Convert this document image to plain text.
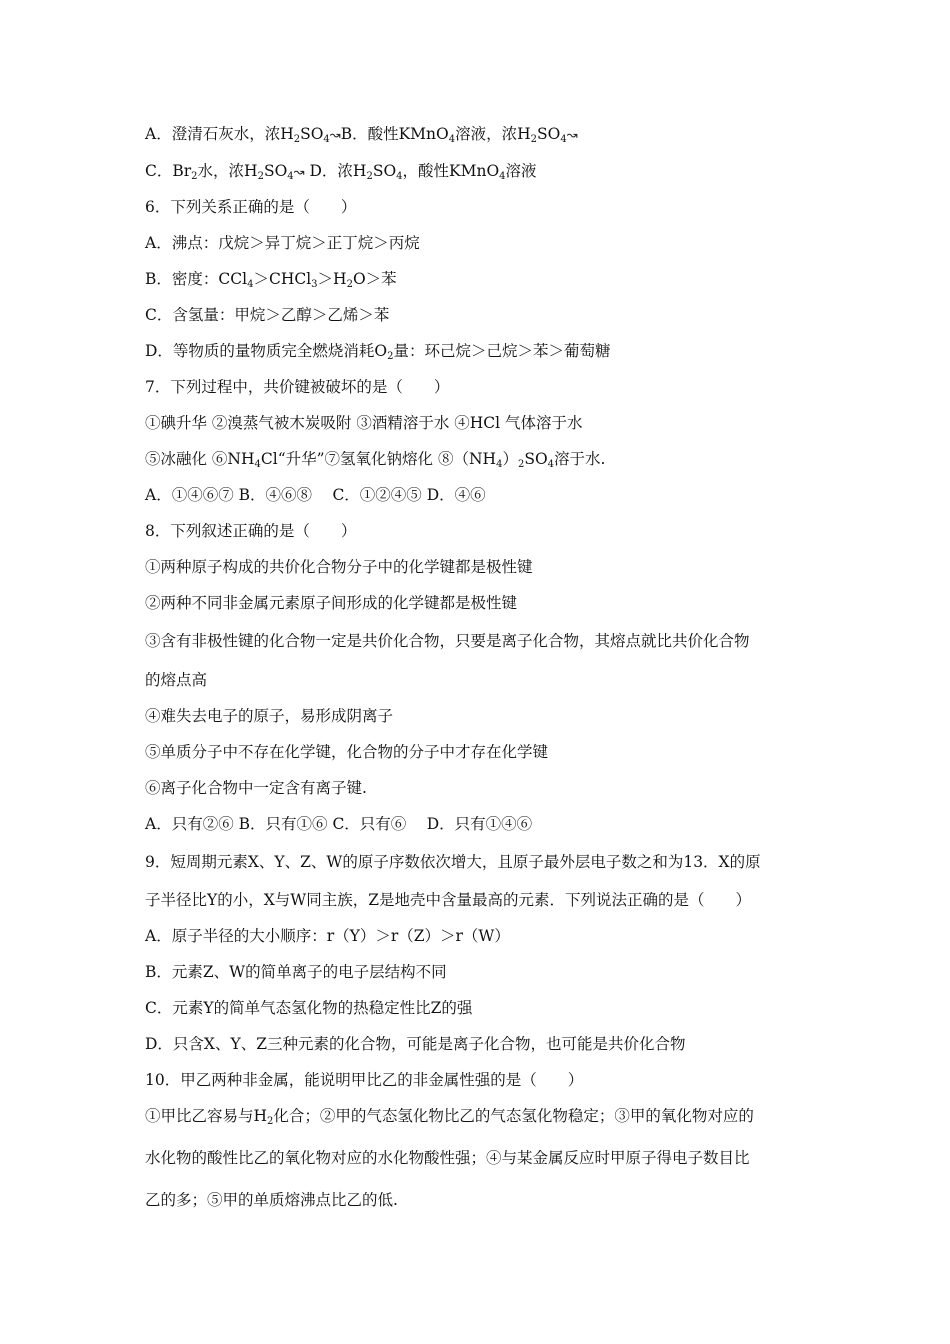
A．澄清石灰水，浓$H_2SO_4↝B$．酸性KMnO$_4$溶液，浓$H_2SO_4↝$
C．$Br_2$水，浓$H_2SO_4↝$ D．浓$H_2SO_4$，酸性KMnO$_4$溶液
6．下列关系正确的是（　　）
A．沸点：戊烷＞异丁烷＞正丁烷＞丙烷
B．密度：$CCl_4>CHCl_3>H_2O>$苯
C．含氢量：甲烷＞乙醇＞乙烯＞苯
D．等物质的量物质完全燃烧消耗$O_2$量：环己烷＞己烷＞苯＞葡萄糖
7．下列过程中，共价键被破坏的是（　　）
①碘升华 ②溴蒸气被木炭吸附 ③酒精溶于水 ④HCl 气体溶于水
⑤冰融化 $⑥NH_4Cl“$升华”⑦氢氧化钠熔化 $⑧(NH_4)_2SO_4$溶于水.
A．①④⑥⑦ B．④⑥⑧　 C．①②④⑤ D．④⑥
8．下列叙述正确的是（　　）
①两种原子构成的共价化合物分子中的化学键都是极性键
②两种不同非金属元素原子间形成的化学键都是极性键
③含有非极性键的化合物一定是共价化合物，只要是离子化合物，其熔点就比共价化合物
的熔点高
④难失去电子的原子，易形成阴离子
⑤单质分子中不存在化学键，化合物的分子中才存在化学键
⑥离子化合物中一定含有离子键.
A．只有②⑥ B．只有①⑥ C．只有⑥　 D．只有①④⑥
9．短周期元素X、Y、Z、W的原子序数依次增大，且原子最外层电子数之和为13．X的原
子半径比Y的小，X与W同主族，Z是地壳中含量最高的元素．下列说法正确的是（　　）
A．原子半径的大小顺序：r（Y）＞r（Z）＞r（W）
B．元素Z、W的简单离子的电子层结构不同
C．元素Y的简单气态氢化物的热稳定性比Z的强
D．只含X、Y、Z三种元素的化合物，可能是离子化合物，也可能是共价化合物
10．甲乙两种非金属，能说明甲比乙的非金属性强的是（　　）
①甲比乙容易与$H_2$化合；②甲的气态氢化物比乙的气态氢化物稳定；③甲的氧化物对应的
水化物的酸性比乙的氧化物对应的水化物酸性强；④与某金属反应时甲原子得电子数目比
乙的多；⑤甲的单质熔沸点比乙的低.
